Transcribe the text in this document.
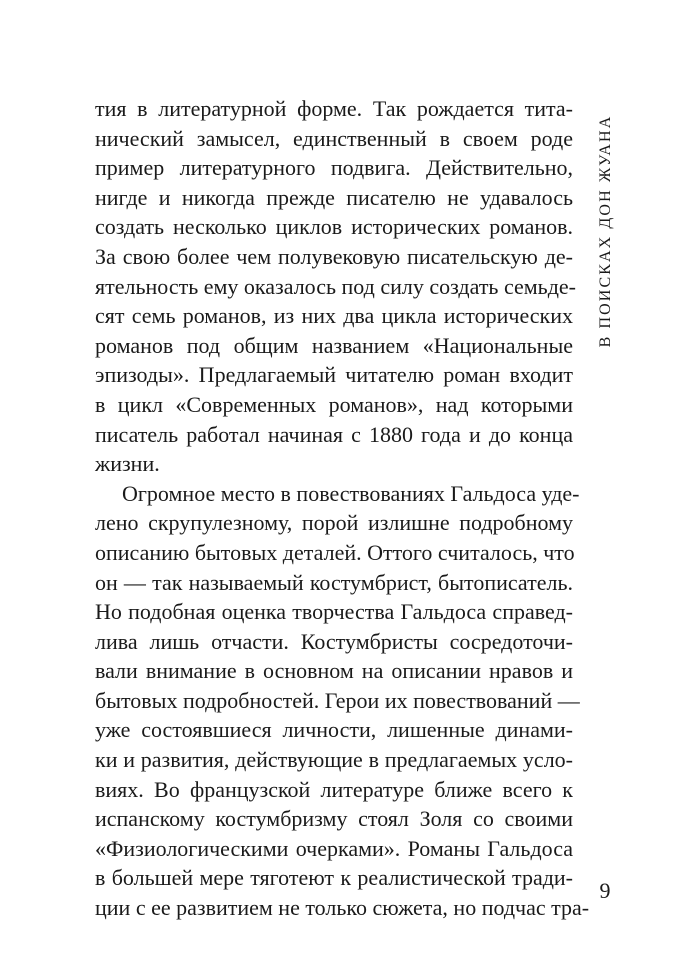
тия в литературной форме. Так рождается тита-
нический замысел, единственный в своем роде
пример литературного подвига. Действительно,
нигде и никогда прежде писателю не удавалось
создать несколько циклов исторических романов.
За свою более чем полувековую писательскую де-
ятельность ему оказалось под силу создать семьде-
сят семь романов, из них два цикла исторических
романов под общим названием «Национальные
эпизоды». Предлагаемый читателю роман входит
в цикл «Современных романов», над которыми
писатель работал начиная с 1880 года и до конца
жизни.
Огромное место в повествованиях Гальдоса уде-
лено скрупулезному, порой излишне подробному
описанию бытовых деталей. Оттого считалось, что
он — так называемый костумбрист, бытописатель.
Но подобная оценка творчества Гальдоса справед-
лива лишь отчасти. Костумбристы сосредоточи-
вали внимание в основном на описании нравов и
бытовых подробностей. Герои их повествований —
уже состоявшиеся личности, лишенные динами-
ки и развития, действующие в предлагаемых усло-
виях. Во французской литературе ближе всего к
испанскому костумбризму стоял Золя со своими
«Физиологическими очерками». Романы Гальдоса
в большей мере тяготеют к реалистической тради-
ции с ее развитием не только сюжета, но подчас тра-
В ПОИСКАХ ДОН ЖУАНА
9
